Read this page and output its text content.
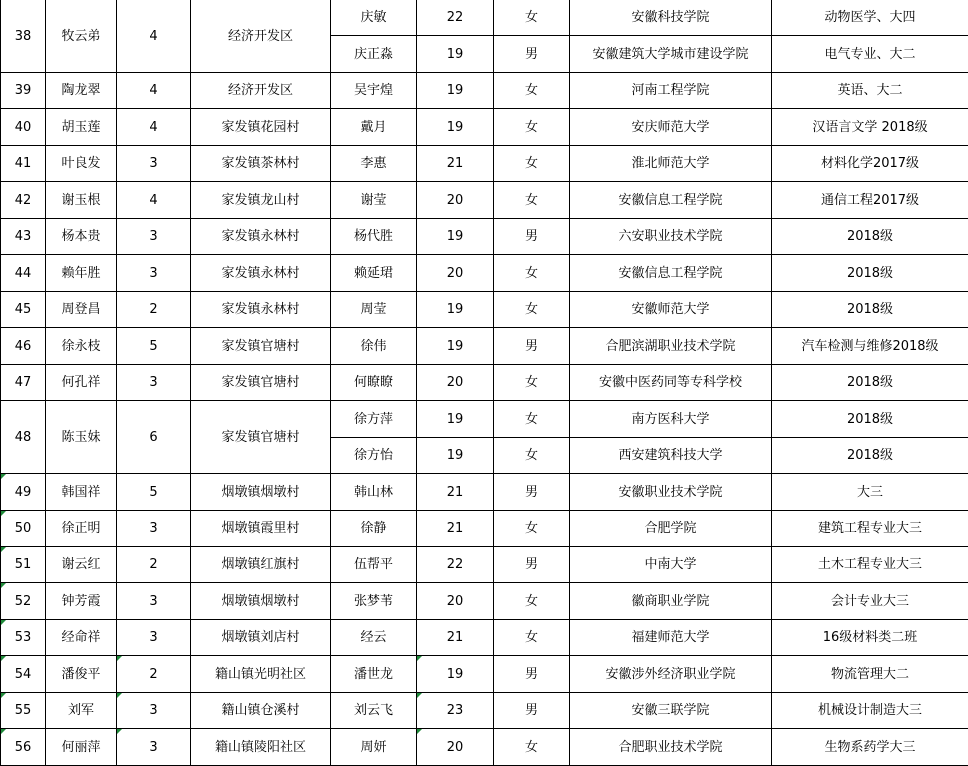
38	牧云弟	4	经济开发区	庆敏	22	女	安徽科技学院	动物医学、大四
				庆正淼	19	男	安徽建筑大学城市建设学院	电气专业、大二
39	陶龙翠	4	经济开发区	吴宇煌	19	女	河南工程学院	英语、大二
40	胡玉莲	4	家发镇花园村	戴月	19	女	安庆师范大学	汉语言文学 2018级
41	叶良发	3	家发镇茶林村	李惠	21	女	淮北师范大学	材料化学2017级
42	谢玉根	4	家发镇龙山村	谢莹	20	女	安徽信息工程学院	通信工程2017级
43	杨本贵	3	家发镇永林村	杨代胜	19	男	六安职业技术学院	2018级
44	赖年胜	3	家发镇永林村	赖延珺	20	女	安徽信息工程学院	2018级
45	周登昌	2	家发镇永林村	周莹	19	女	安徽师范大学	2018级
46	徐永枝	5	家发镇官塘村	徐伟	19	男	合肥滨湖职业技术学院	汽车检测与维修2018级
47	何孔祥	3	家发镇官塘村	何瞭瞭	20	女	安徽中医药同等专科学校	2018级
48	陈玉妹	6	家发镇官塘村	徐方萍	19	女	南方医科大学	2018级
				徐方怡	19	女	西安建筑科技大学	2018级
49	韩国祥	5	烟墩镇烟墩村	韩山林	21	男	安徽职业技术学院	大三
50	徐正明	3	烟墩镇霞里村	徐静	21	女	合肥学院	建筑工程专业大三
51	谢云红	2	烟墩镇红旗村	伍帮平	22	男	中南大学	土木工程专业大三
52	钟芳霞	3	烟墩镇烟墩村	张梦苇	20	女	徽商职业学院	会计专业大三
53	经命祥	3	烟墩镇刘店村	经云	21	女	福建师范大学	16级材料类二班
54	潘俊平	2	籍山镇光明社区	潘世龙	19	男	安徽涉外经济职业学院	物流管理大二
55	刘军	3	籍山镇仓溪村	刘云飞	23	男	安徽三联学院	机械设计制造大三
56	何丽萍	3	籍山镇陵阳社区	周妍	20	女	合肥职业技术学院	生物系药学大三
